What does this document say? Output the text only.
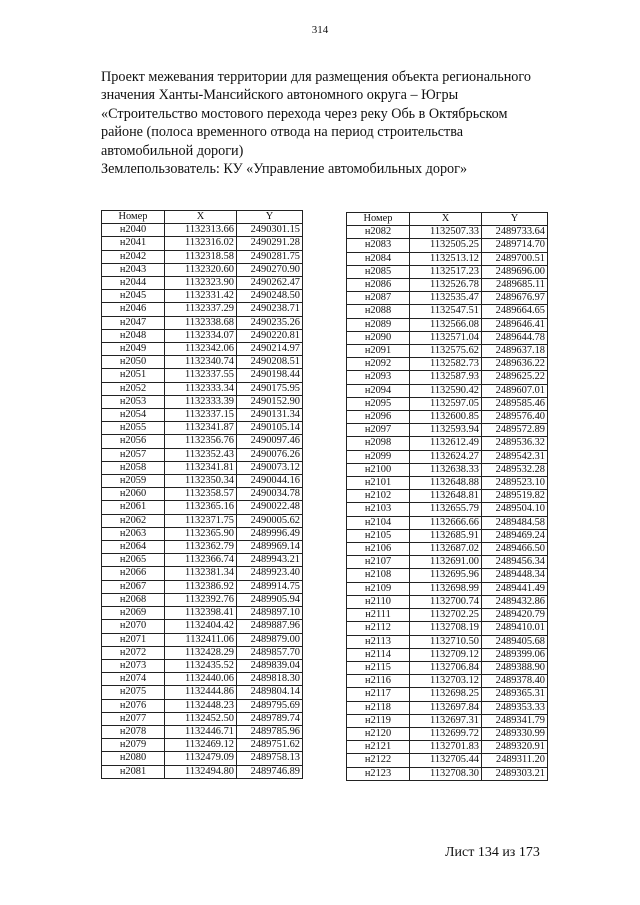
314
Проект межевания территории для размещения объекта регионального
значения Ханты-Мансийского автономного округа – Югры
«Строительство мостового перехода через реку Обь в Октябрьском
районе (полоса временного отвода на период строительства
автомобильной дороги)
Землепользователь: КУ «Управление автомобильных дорог»
Номер	X	Y
н2040	1132313.66	2490301.15
н2041	1132316.02	2490291.28
н2042	1132318.58	2490281.75
н2043	1132320.60	2490270.90
н2044	1132323.90	2490262.47
н2045	1132331.42	2490248.50
н2046	1132337.29	2490238.71
н2047	1132338.68	2490235.26
н2048	1132334.07	2490220.81
н2049	1132342.06	2490214.97
н2050	1132340.74	2490208.51
н2051	1132337.55	2490198.44
н2052	1132333.34	2490175.95
н2053	1132333.39	2490152.90
н2054	1132337.15	2490131.34
н2055	1132341.87	2490105.14
н2056	1132356.76	2490097.46
н2057	1132352.43	2490076.26
н2058	1132341.81	2490073.12
н2059	1132350.34	2490044.16
н2060	1132358.57	2490034.78
н2061	1132365.16	2490022.48
н2062	1132371.75	2490005.62
н2063	1132365.90	2489996.49
н2064	1132362.79	2489969.14
н2065	1132366.74	2489943.21
н2066	1132381.34	2489923.40
н2067	1132386.92	2489914.75
н2068	1132392.76	2489905.94
н2069	1132398.41	2489897.10
н2070	1132404.42	2489887.96
н2071	1132411.06	2489879.00
н2072	1132428.29	2489857.70
н2073	1132435.52	2489839.04
н2074	1132440.06	2489818.30
н2075	1132444.86	2489804.14
н2076	1132448.23	2489795.69
н2077	1132452.50	2489789.74
н2078	1132446.71	2489785.96
н2079	1132469.12	2489751.62
н2080	1132479.09	2489758.13
н2081	1132494.80	2489746.89
Номер	X	Y
н2082	1132507.33	2489733.64
н2083	1132505.25	2489714.70
н2084	1132513.12	2489700.51
н2085	1132517.23	2489696.00
н2086	1132526.78	2489685.11
н2087	1132535.47	2489676.97
н2088	1132547.51	2489664.65
н2089	1132566.08	2489646.41
н2090	1132571.04	2489644.78
н2091	1132575.62	2489637.18
н2092	1132582.73	2489636.22
н2093	1132587.93	2489625.22
н2094	1132590.42	2489607.01
н2095	1132597.05	2489585.46
н2096	1132600.85	2489576.40
н2097	1132593.94	2489572.89
н2098	1132612.49	2489536.32
н2099	1132624.27	2489542.31
н2100	1132638.33	2489532.28
н2101	1132648.88	2489523.10
н2102	1132648.81	2489519.82
н2103	1132655.79	2489504.10
н2104	1132666.66	2489484.58
н2105	1132685.91	2489469.24
н2106	1132687.02	2489466.50
н2107	1132691.00	2489456.34
н2108	1132695.96	2489448.34
н2109	1132698.99	2489441.49
н2110	1132700.74	2489432.86
н2111	1132702.25	2489420.79
н2112	1132708.19	2489410.01
н2113	1132710.50	2489405.68
н2114	1132709.12	2489399.06
н2115	1132706.84	2489388.90
н2116	1132703.12	2489378.40
н2117	1132698.25	2489365.31
н2118	1132697.84	2489353.33
н2119	1132697.31	2489341.79
н2120	1132699.72	2489330.99
н2121	1132701.83	2489320.91
н2122	1132705.44	2489311.20
н2123	1132708.30	2489303.21
Лист 134 из 173
